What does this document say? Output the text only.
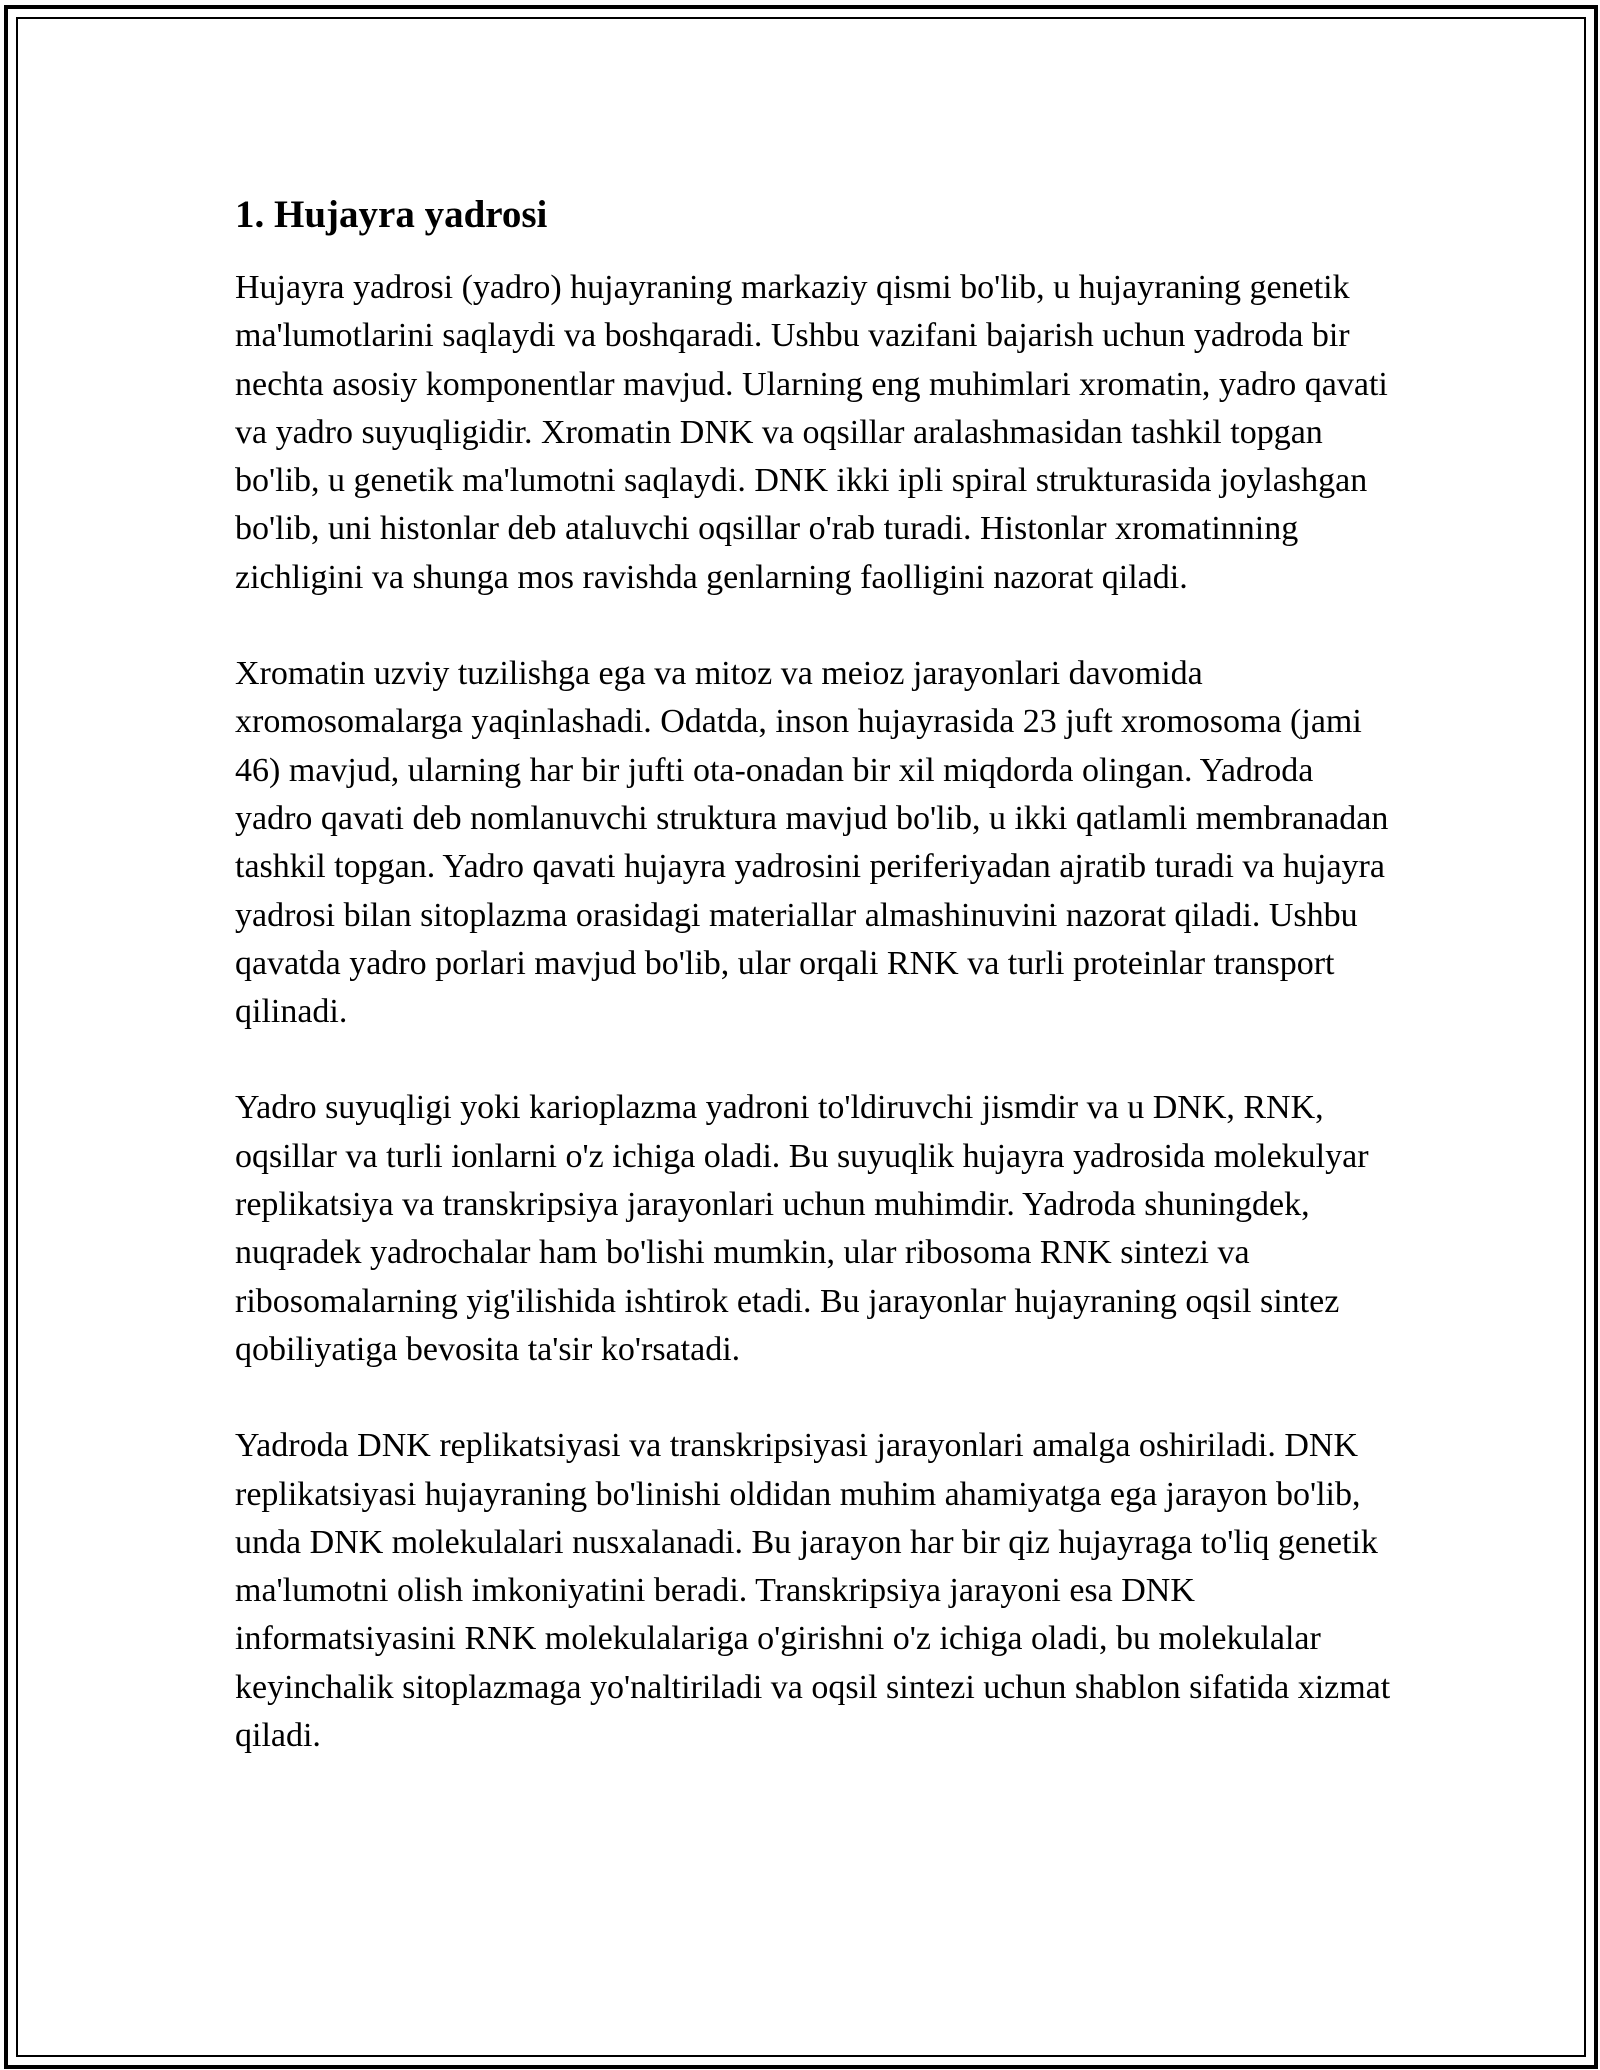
1. Hujayra yadrosi

Hujayra yadrosi (yadro) hujayraning markaziy qismi bo'lib, u hujayraning genetik ma'lumotlarini saqlaydi va boshqaradi. Ushbu vazifani bajarish uchun yadroda bir nechta asosiy komponentlar mavjud. Ularning eng muhimlari xromatin, yadro qavati va yadro suyuqligidir. Xromatin DNK va oqsillar aralashmasidan tashkil topgan bo'lib, u genetik ma'lumotni saqlaydi. DNK ikki ipli spiral strukturasida joylashgan bo'lib, uni histonlar deb ataluvchi oqsillar o'rab turadi. Histonlar xromatinning zichligini va shunga mos ravishda genlarning faolligini nazorat qiladi.

Xromatin uzviy tuzilishga ega va mitoz va meioz jarayonlari davomida xromosomalarga yaqinlashadi. Odatda, inson hujayrasida 23 juft xromosoma (jami 46) mavjud, ularning har bir jufti ota-onadan bir xil miqdorda olingan. Yadroda yadro qavati deb nomlanuvchi struktura mavjud bo'lib, u ikki qatlamli membranadan tashkil topgan. Yadro qavati hujayra yadrosini periferiyadan ajratib turadi va hujayra yadrosi bilan sitoplazma orasidagi materiallar almashinuvini nazorat qiladi. Ushbu qavatda yadro porlari mavjud bo'lib, ular orqali RNK va turli proteinlar transport qilinadi.

Yadro suyuqligi yoki karioplazma yadroni to'ldiruvchi jismdir va u DNK, RNK, oqsillar va turli ionlarni o'z ichiga oladi. Bu suyuqlik hujayra yadrosida molekulyar replikatsiya va transkripsiya jarayonlari uchun muhimdir. Yadroda shuningdek, nuqradek yadrochalar ham bo'lishi mumkin, ular ribosoma RNK sintezi va ribosomalarning yig'ilishida ishtirok etadi. Bu jarayonlar hujayraning oqsil sintez qobiliyatiga bevosita ta'sir ko'rsatadi.

Yadroda DNK replikatsiyasi va transkripsiyasi jarayonlari amalga oshiriladi. DNK replikatsiyasi hujayraning bo'linishi oldidan muhim ahamiyatga ega jarayon bo'lib, unda DNK molekulalari nusxalanadi. Bu jarayon har bir qiz hujayraga to'liq genetik ma'lumotni olish imkoniyatini beradi. Transkripsiya jarayoni esa DNK informatsiyasini RNK molekulalariga o'girishni o'z ichiga oladi, bu molekulalar keyinchalik sitoplazmaga yo'naltiriladi va oqsil sintezi uchun shablon sifatida xizmat qiladi.
